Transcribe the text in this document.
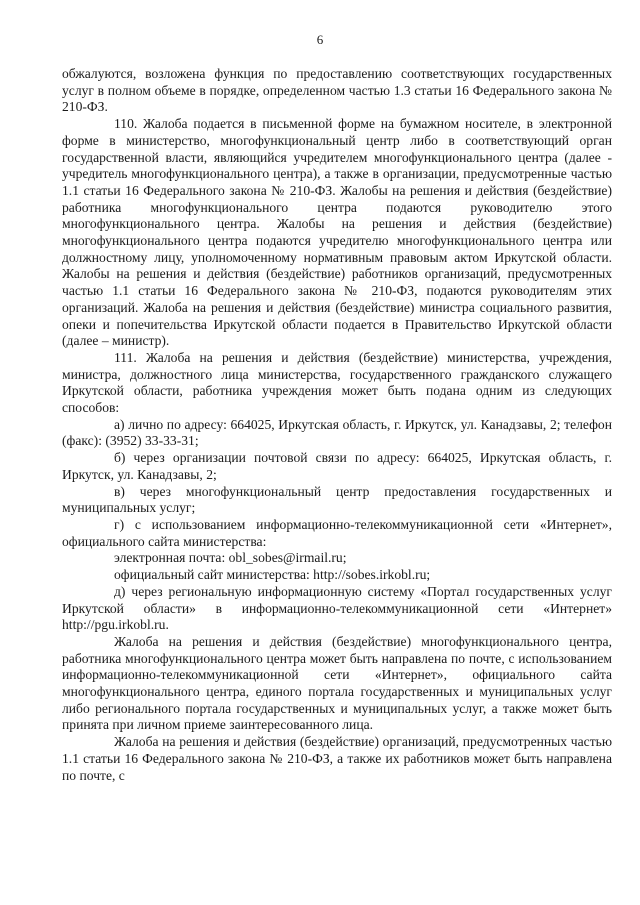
6

обжалуются, возложена функция по предоставлению соответствующих государственных услуг в полном объеме в порядке, определенном частью 1.3 статьи 16 Федерального закона № 210-ФЗ.

110. Жалоба подается в письменной форме на бумажном носителе, в электронной форме в министерство, многофункциональный центр либо в соответствующий орган государственной власти, являющийся учредителем многофункционального центра (далее - учредитель многофункционального центра), а также в организации, предусмотренные частью 1.1 статьи 16 Федерального закона № 210-ФЗ. Жалобы на решения и действия (бездействие) работника многофункционального центра подаются руководителю этого многофункционального центра. Жалобы на решения и действия (бездействие) многофункционального центра подаются учредителю многофункционального центра или должностному лицу, уполномоченному нормативным правовым актом Иркутской области. Жалобы на решения и действия (бездействие) работников организаций, предусмотренных частью 1.1 статьи 16 Федерального закона № 210-ФЗ, подаются руководителям этих организаций. Жалоба на решения и действия (бездействие) министра социального развития, опеки и попечительства Иркутской области подается в Правительство Иркутской области (далее – министр).

111. Жалоба на решения и действия (бездействие) министерства, учреждения, министра, должностного лица министерства, государственного гражданского служащего Иркутской области, работника учреждения может быть подана одним из следующих способов:

а) лично по адресу: 664025, Иркутская область, г. Иркутск, ул. Канадзавы, 2; телефон (факс): (3952) 33-33-31;

б) через организации почтовой связи по адресу: 664025, Иркутская область, г. Иркутск, ул. Канадзавы, 2;

в) через многофункциональный центр предоставления государственных и муниципальных услуг;

г) с использованием информационно-телекоммуникационной сети «Интернет», официального сайта министерства:

электронная почта: obl_sobes@irmail.ru;

официальный сайт министерства: http://sobes.irkobl.ru;

д) через региональную информационную систему «Портал государственных услуг Иркутской области» в информационно-телекоммуникационной сети «Интернет» http://pgu.irkobl.ru.

Жалоба на решения и действия (бездействие) многофункционального центра, работника многофункционального центра может быть направлена по почте, с использованием информационно-телекоммуникационной сети «Интернет», официального сайта многофункционального центра, единого портала государственных и муниципальных услуг либо регионального портала государственных и муниципальных услуг, а также может быть принята при личном приеме заинтересованного лица.

Жалоба на решения и действия (бездействие) организаций, предусмотренных частью 1.1 статьи 16 Федерального закона № 210-ФЗ, а также их работников может быть направлена по почте, с
